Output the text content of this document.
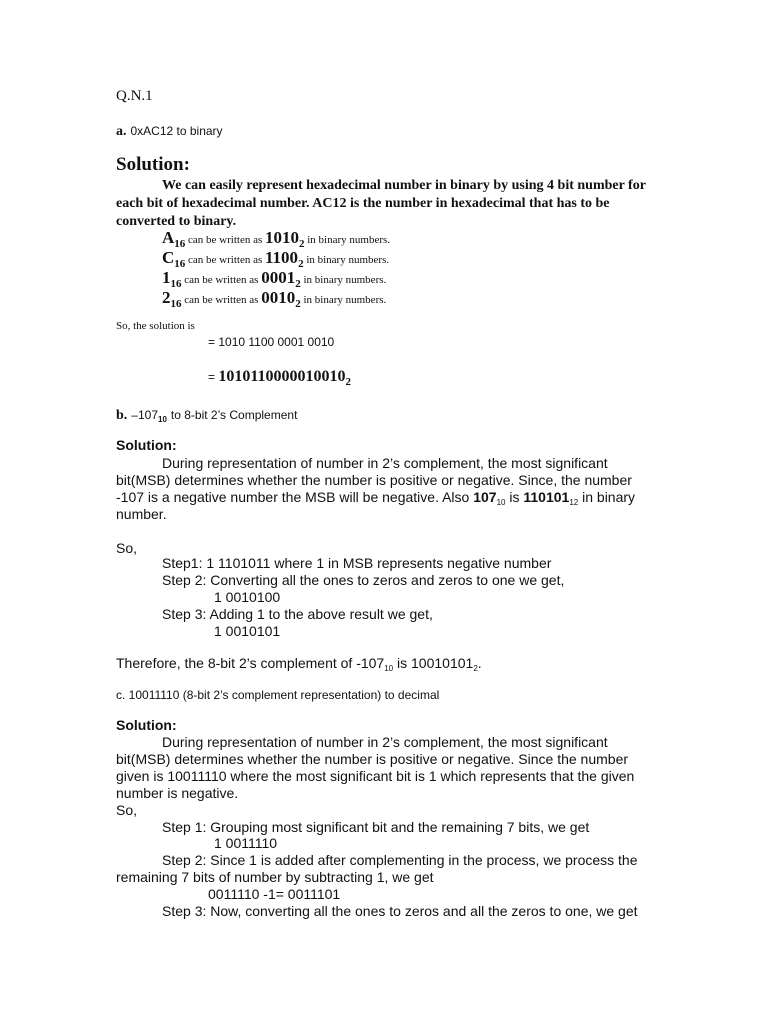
Q.N.1
a. 0xAC12 to binary
Solution:
We can easily represent hexadecimal number in binary by using 4 bit number for each bit of hexadecimal number. AC12 is the number in hexadecimal that has to be converted to binary.
$A_{16}$ can be written as $1010_2$ in binary numbers.
$C_{16}$ can be written as $1100_2$ in binary numbers.
$1_{16}$ can be written as $0001_2$ in binary numbers.
$2_{16}$ can be written as $0010_2$ in binary numbers.
So, the solution is
= 1010 1100 0001 0010
= $1010110000010010_2$
b. $-107_{10}$ to 8-bit 2’s Complement
Solution:
During representation of number in 2’s complement, the most significant bit(MSB) determines whether the number is positive or negative. Since, the number -107 is a negative number the MSB will be negative. Also $107_{10}$ is $110101_{12}$ in binary number.
So,
Step1: 1 1101011 where 1 in MSB represents negative number
Step 2: Converting all the ones to zeros and zeros to one we get,
1 0010100
Step 3: Adding 1 to the above result we get,
1 0010101
Therefore, the 8-bit 2’s complement of $-107_{10}$ is $10010101_2$.
c. 10011110 (8-bit 2’s complement representation) to decimal
Solution:
During representation of number in 2’s complement, the most significant bit(MSB) determines whether the number is positive or negative. Since the number given is 10011110 where the most significant bit is 1 which represents that the given number is negative.
So,
Step 1: Grouping most significant bit and the remaining 7 bits, we get
1 0011110
Step 2: Since 1 is added after complementing in the process, we process the remaining 7 bits of number by subtracting 1, we get
0011110 -1= 0011101
Step 3: Now, converting all the ones to zeros and all the zeros to one, we get
